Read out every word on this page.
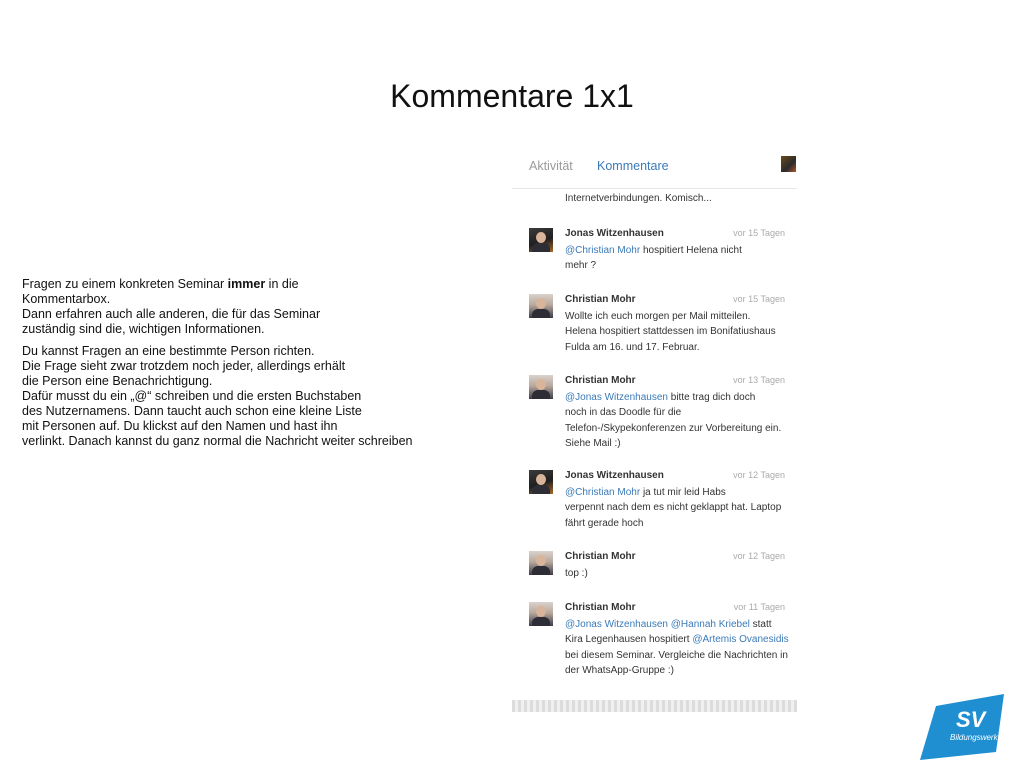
Kommentare 1x1

Fragen zu einem konkreten Seminar immer in die
Kommentarbox.
Dann erfahren auch alle anderen, die für das Seminar
zuständig sind die, wichtigen Informationen.

Du kannst Fragen an eine bestimmte Person richten.
Die Frage sieht zwar trotzdem noch jeder, allerdings erhält
die Person eine Benachrichtigung.
Dafür musst du ein „@“ schreiben und die ersten Buchstaben
des Nutzernamens. Dann taucht auch schon eine kleine Liste
mit Personen auf. Du klickst auf den Namen und hast ihn
verlinkt. Danach kannst du ganz normal die Nachricht weiter schreiben

Aktivität Kommentare
Internetverbindungen. Komisch...
Jonas Witzenhausen	vor 15 Tagen
@Christian Mohr hospitiert Helena nicht
mehr ?
Christian Mohr	vor 15 Tagen
Wollte ich euch morgen per Mail mitteilen.
Helena hospitiert stattdessen im Bonifatiushaus
Fulda am 16. und 17. Februar.
Christian Mohr	vor 13 Tagen
@Jonas Witzenhausen bitte trag dich doch
noch in das Doodle für die
Telefon-/Skypekonferenzen zur Vorbereitung ein.
Siehe Mail :)
Jonas Witzenhausen	vor 12 Tagen
@Christian Mohr ja tut mir leid Habs
verpennt nach dem es nicht geklappt hat. Laptop
fährt gerade hoch
Christian Mohr	vor 12 Tagen
top :)
Christian Mohr	vor 11 Tagen
@Jonas Witzenhausen @Hannah Kriebel statt
Kira Legenhausen hospitiert @Artemis Ovanesidis
bei diesem Seminar. Vergleiche die Nachrichten in
der WhatsApp-Gruppe :)
SV
Bildungswerk
